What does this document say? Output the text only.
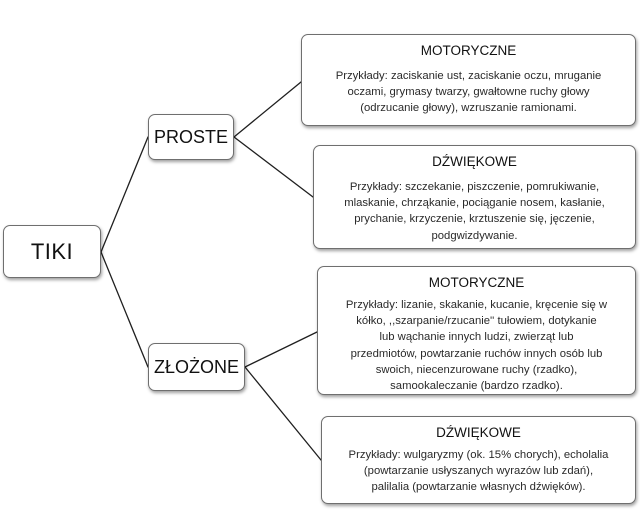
TIKI
PROSTE
ZŁOŻONE
MOTORYCZNE
Przykłady: zaciskanie ust, zaciskanie oczu, mruganie
oczami, grymasy twarzy, gwałtowne ruchy głowy
(odrzucanie głowy), wzruszanie ramionami.
DŹWIĘKOWE
Przykłady: szczekanie, piszczenie, pomrukiwanie,
mlaskanie, chrząkanie, pociąganie nosem, kasłanie,
prychanie, krzyczenie, krztuszenie się, jęczenie,
podgwizdywanie.
MOTORYCZNE
Przykłady: lizanie, skakanie, kucanie, kręcenie się w
kółko, ,,szarpanie/rzucanie'' tułowiem, dotykanie
lub wąchanie innych ludzi, zwierząt lub
przedmiotów, powtarzanie ruchów innych osób lub
swoich, niecenzurowane ruchy (rzadko),
samookaleczanie (bardzo rzadko).
DŹWIĘKOWE
Przykłady: wulgaryzmy (ok. 15% chorych), echolalia
(powtarzanie usłyszanych wyrazów lub zdań),
palilalia (powtarzanie własnych dźwięków).
